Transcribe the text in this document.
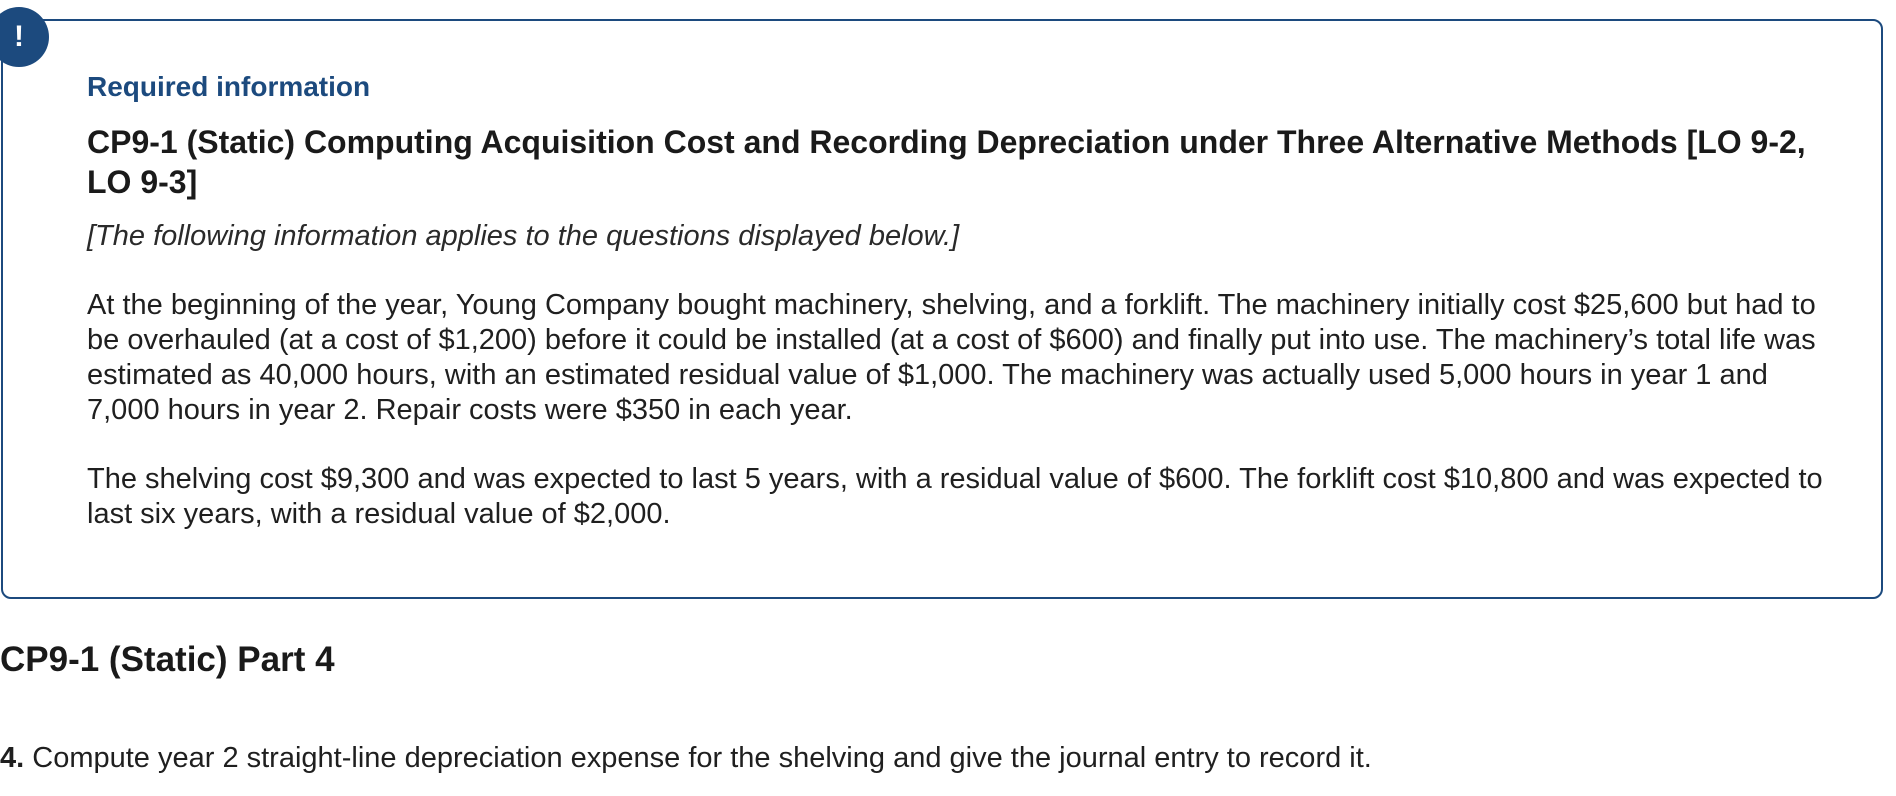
!
Required information
CP9-1 (Static) Computing Acquisition Cost and Recording Depreciation under Three Alternative Methods [LO 9-2, LO 9-3]

[The following information applies to the questions displayed below.]

At the beginning of the year, Young Company bought machinery, shelving, and a forklift. The machinery initially cost $25,600 but had to be overhauled (at a cost of $1,200) before it could be installed (at a cost of $600) and finally put into use. The machinery’s total life was estimated as 40,000 hours, with an estimated residual value of $1,000. The machinery was actually used 5,000 hours in year 1 and 7,000 hours in year 2. Repair costs were $350 in each year.

The shelving cost $9,300 and was expected to last 5 years, with a residual value of $600. The forklift cost $10,800 and was expected to last six years, with a residual value of $2,000.

CP9-1 (Static) Part 4

4. Compute year 2 straight-line depreciation expense for the shelving and give the journal entry to record it.
